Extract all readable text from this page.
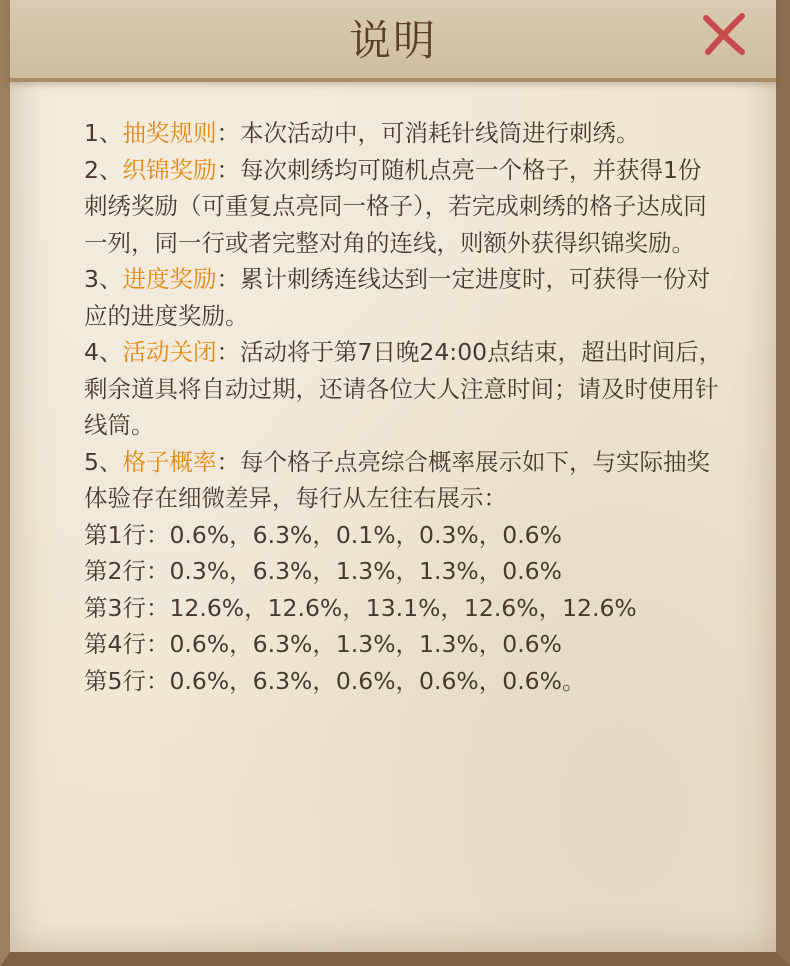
说明

1、抽奖规则：本次活动中，可消耗针线筒进行刺绣。

2、织锦奖励：每次刺绣均可随机点亮一个格子，并获得1份刺绣奖励（可重复点亮同一格子），若完成刺绣的格子达成同一列，同一行或者完整对角的连线，则额外获得织锦奖励。

3、进度奖励：累计刺绣连线达到一定进度时，可获得一份对应的进度奖励。

4、活动关闭：活动将于第7日晚24:00点结束，超出时间后，剩余道具将自动过期，还请各位大人注意时间；请及时使用针线筒。

5、格子概率：每个格子点亮综合概率展示如下，与实际抽奖体验存在细微差异，每行从左往右展示：

第1行：0.6%，6.3%，0.1%，0.3%，0.6%

第2行：0.3%，6.3%，1.3%，1.3%，0.6%

第3行：12.6%，12.6%，13.1%，12.6%，12.6%

第4行：0.6%，6.3%，1.3%，1.3%，0.6%

第5行：0.6%，6.3%，0.6%，0.6%，0.6%。
